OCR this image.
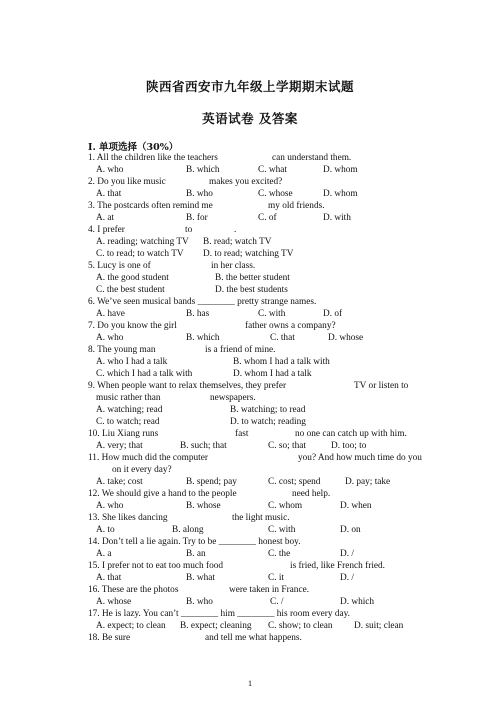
陕西省西安市九年级上学期期末试题
英语试卷 及答案
I. 单项选择（30%）
1. All the children like the teachers	can understand them.
A. who	B. which	C. what	D. whom
2. Do you like music	makes you excited?
A. that	B. who	C. whose	D. whom
3. The postcards often remind me	my old friends.
A. at	B. for	C. of	D. with
4. I prefer	to	.
A. reading; watching TV B. read; watch TV
C. to read; to watch TV D. to read; watching TV
5. Lucy is one of	in her class.
A. the good student	B. the better student
C. the best student	D. the best students
6. We’ve seen musical bands ________ pretty strange names.
A. have	B. has	C. with	D. of
7. Do you know the girl	father owns a company?
A. who	B. which	C. that	D. whose
8. The young man	is a friend of mine.
A. who I had a talk	B. whom I had a talk with
C. which I had a talk with	D. whom I had a talk
9. When people want to relax themselves, they prefer	TV or listen to
music rather than	newspapers.
A. watching; read	B. watching; to read
C. to watch; read	D. to watch; reading
10. Liu Xiang runs	fast	no one can catch up with him.
A. very; that	B. such; that	C. so; that	D. too; to
11. How much did the computer	you? And how much time do you
on it every day?
A. take; cost	B. spend; pay	C. cost; spend	D. pay; take
12. We should give a hand to the people	need help.
A. who	B. whose	C. whom	D. when
13. She likes dancing	the light music.
A. to	B. along	C. with	D. on
14. Don’t tell a lie again. Try to be ________ honest boy.
A. a	B. an	C. the	D. /
15. I prefer not to eat too much food	is fried, like French fried.
A. that	B. what	C. it	D. /
16. These are the photos	were taken in France.
A. whose	B. who	C. /	D. which
17. He is lazy. You can’t ________ him ________ his room every day.
A. expect; to clean B. expect; cleaning C. show; to clean D. suit; clean
18. Be sure	and tell me what happens.
1
